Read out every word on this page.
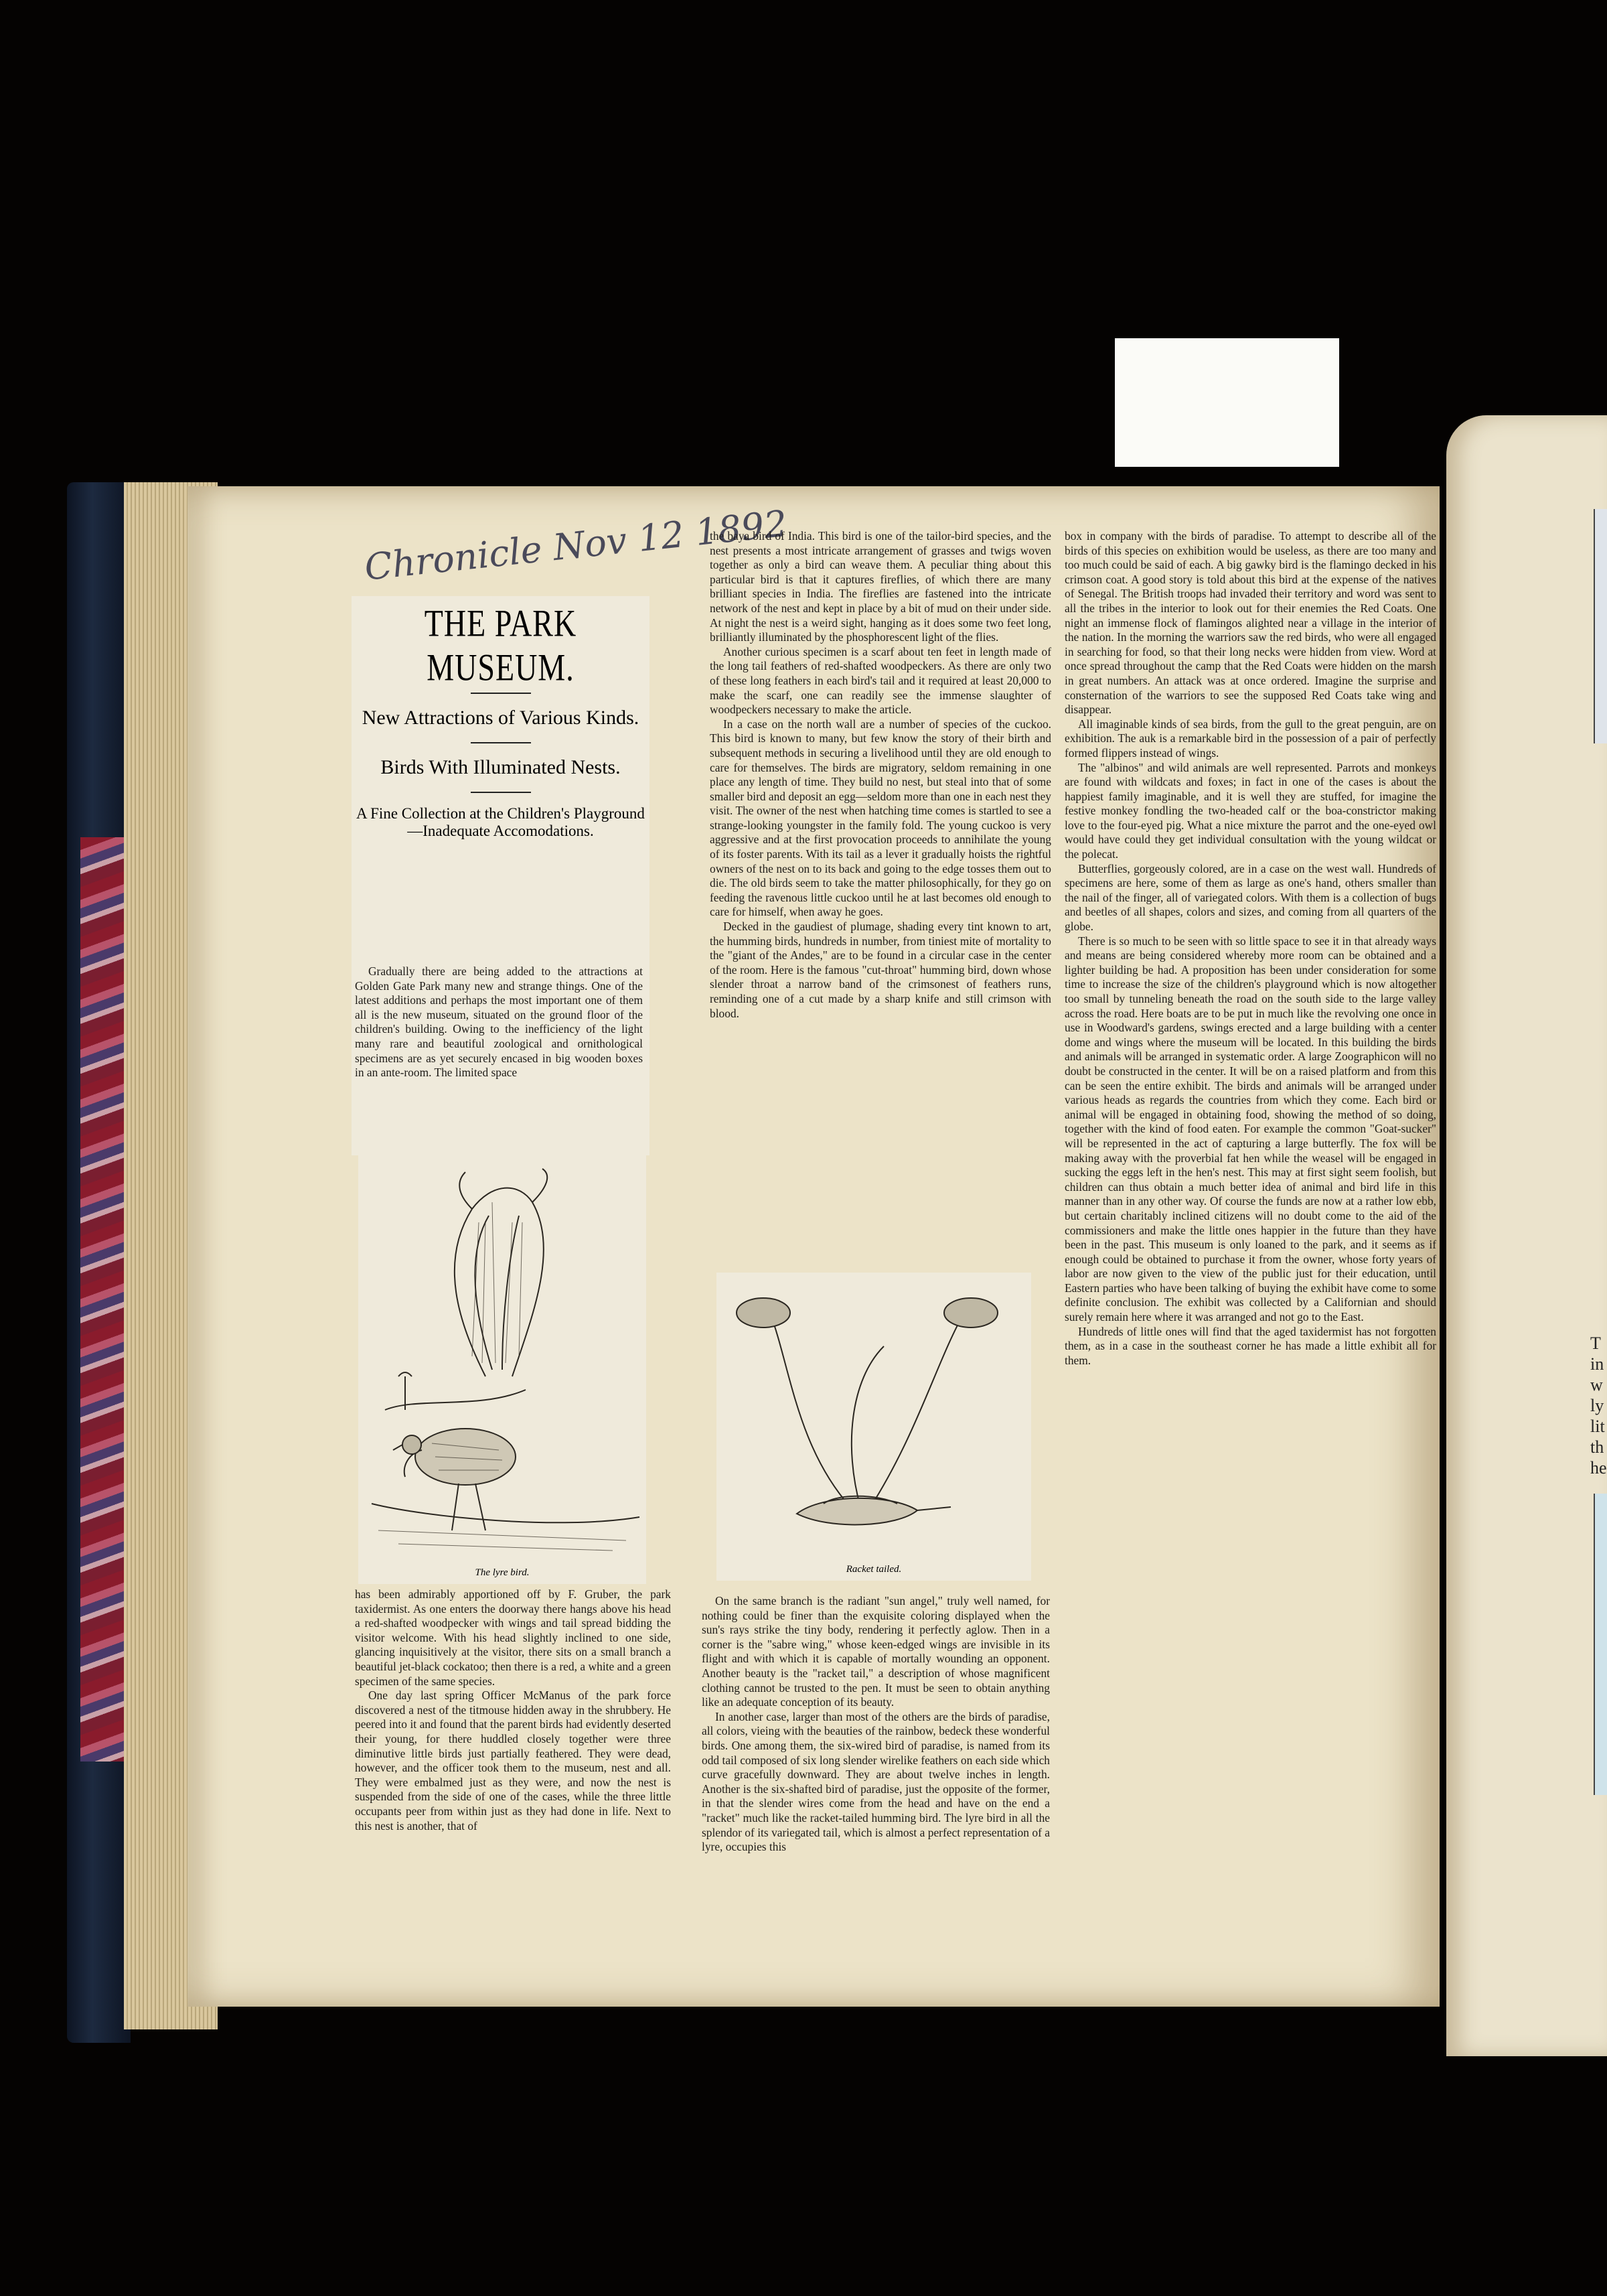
T
in
w
ly
lit
th
he
Chronicle Nov 12 1892
THE PARK MUSEUM.
New Attractions of Various Kinds.
Birds With Illuminated Nests.
A Fine Collection at the Children's Playground—Inadequate Accomodations.

Gradually there are being added to the attractions at Golden Gate Park many new and strange things. One of the latest additions and perhaps the most important one of them all is the new museum, situated on the ground floor of the children's building. Owing to the inefficiency of the light many rare and beautiful zoological and ornithological specimens are as yet securely encased in big wooden boxes in an ante-room. The limited space

The lyre bird.

has been admirably apportioned off by F. Gruber, the park taxidermist. As one enters the doorway there hangs above his head a red-shafted woodpecker with wings and tail spread bidding the visitor welcome. With his head slightly inclined to one side, glancing inquisitively at the visitor, there sits on a small branch a beautiful jet-black cockatoo; then there is a red, a white and a green specimen of the same species.

One day last spring Officer McManus of the park force discovered a nest of the titmouse hidden away in the shrubbery. He peered into it and found that the parent birds had evidently deserted their young, for there huddled closely together were three diminutive little birds just partially feathered. They were dead, however, and the officer took them to the museum, nest and all. They were embalmed just as they were, and now the nest is suspended from the side of one of the cases, while the three little occupants peer from within just as they had done in life. Next to this nest is another, that of

the baya bird of India. This bird is one of the tailor-bird species, and the nest presents a most intricate arrangement of grasses and twigs woven together as only a bird can weave them. A peculiar thing about this particular bird is that it captures fireflies, of which there are many brilliant species in India. The fireflies are fastened into the intricate network of the nest and kept in place by a bit of mud on their under side. At night the nest is a weird sight, hanging as it does some two feet long, brilliantly illuminated by the phosphorescent light of the flies.

Another curious specimen is a scarf about ten feet in length made of the long tail feathers of red-shafted woodpeckers. As there are only two of these long feathers in each bird's tail and it required at least 20,000 to make the scarf, one can readily see the immense slaughter of woodpeckers necessary to make the article.

In a case on the north wall are a number of species of the cuckoo. This bird is known to many, but few know the story of their birth and subsequent methods in securing a livelihood until they are old enough to care for themselves. The birds are migratory, seldom remaining in one place any length of time. They build no nest, but steal into that of some smaller bird and deposit an egg—seldom more than one in each nest they visit. The owner of the nest when hatching time comes is startled to see a strange-looking youngster in the family fold. The young cuckoo is very aggressive and at the first provocation proceeds to annihilate the young of its foster parents. With its tail as a lever it gradually hoists the rightful owners of the nest on to its back and going to the edge tosses them out to die. The old birds seem to take the matter philosophically, for they go on feeding the ravenous little cuckoo until he at last becomes old enough to care for himself, when away he goes.

Decked in the gaudiest of plumage, shading every tint known to art, the humming birds, hundreds in number, from tiniest mite of mortality to the "giant of the Andes," are to be found in a circular case in the center of the room. Here is the famous "cut-throat" humming bird, down whose slender throat a narrow band of the crimsonest of feathers runs, reminding one of a cut made by a sharp knife and still crimson with blood.

Racket tailed.

On the same branch is the radiant "sun angel," truly well named, for nothing could be finer than the exquisite coloring displayed when the sun's rays strike the tiny body, rendering it perfectly aglow. Then in a corner is the "sabre wing," whose keen-edged wings are invisible in its flight and with which it is capable of mortally wounding an opponent. Another beauty is the "racket tail," a description of whose magnificent clothing cannot be trusted to the pen. It must be seen to obtain anything like an adequate conception of its beauty.

In another case, larger than most of the others are the birds of paradise, all colors, vieing with the beauties of the rainbow, bedeck these wonderful birds. One among them, the six-wired bird of paradise, is named from its odd tail composed of six long slender wirelike feathers on each side which curve gracefully downward. They are about twelve inches in length. Another is the six-shafted bird of paradise, just the opposite of the former, in that the slender wires come from the head and have on the end a "racket" much like the racket-tailed humming bird. The lyre bird in all the splendor of its variegated tail, which is almost a perfect representation of a lyre, occupies this

box in company with the birds of paradise. To attempt to describe all of the birds of this species on exhibition would be useless, as there are too many and too much could be said of each. A big gawky bird is the flamingo decked in his crimson coat. A good story is told about this bird at the expense of the natives of Senegal. The British troops had invaded their territory and word was sent to all the tribes in the interior to look out for their enemies the Red Coats. One night an immense flock of flamingos alighted near a village in the interior of the nation. In the morning the warriors saw the red birds, who were all engaged in searching for food, so that their long necks were hidden from view. Word at once spread throughout the camp that the Red Coats were hidden on the marsh in great numbers. An attack was at once ordered. Imagine the surprise and consternation of the warriors to see the supposed Red Coats take wing and disappear.

All imaginable kinds of sea birds, from the gull to the great penguin, are on exhibition. The auk is a remarkable bird in the possession of a pair of perfectly formed flippers instead of wings.

The "albinos" and wild animals are well represented. Parrots and monkeys are found with wildcats and foxes; in fact in one of the cases is about the happiest family imaginable, and it is well they are stuffed, for imagine the festive monkey fondling the two-headed calf or the boa-constrictor making love to the four-eyed pig. What a nice mixture the parrot and the one-eyed owl would have could they get individual consultation with the young wildcat or the polecat.

Butterflies, gorgeously colored, are in a case on the west wall. Hundreds of specimens are here, some of them as large as one's hand, others smaller than the nail of the finger, all of variegated colors. With them is a collection of bugs and beetles of all shapes, colors and sizes, and coming from all quarters of the globe.

There is so much to be seen with so little space to see it in that already ways and means are being considered whereby more room can be obtained and a lighter building be had. A proposition has been under consideration for some time to increase the size of the children's playground which is now altogether too small by tunneling beneath the road on the south side to the large valley across the road. Here boats are to be put in much like the revolving one once in use in Woodward's gardens, swings erected and a large building with a center dome and wings where the museum will be located. In this building the birds and animals will be arranged in systematic order. A large Zoographicon will no doubt be constructed in the center. It will be on a raised platform and from this can be seen the entire exhibit. The birds and animals will be arranged under various heads as regards the countries from which they come. Each bird or animal will be engaged in obtaining food, showing the method of so doing, together with the kind of food eaten. For example the common "Goat-sucker" will be represented in the act of capturing a large butterfly. The fox will be making away with the proverbial fat hen while the weasel will be engaged in sucking the eggs left in the hen's nest. This may at first sight seem foolish, but children can thus obtain a much better idea of animal and bird life in this manner than in any other way. Of course the funds are now at a rather low ebb, but certain charitably inclined citizens will no doubt come to the aid of the commissioners and make the little ones happier in the future than they have been in the past. This museum is only loaned to the park, and it seems as if enough could be obtained to purchase it from the owner, whose forty years of labor are now given to the view of the public just for their education, until Eastern parties who have been talking of buying the exhibit have come to some definite conclusion. The exhibit was collected by a Californian and should surely remain here where it was arranged and not go to the East.

Hundreds of little ones will find that the aged taxidermist has not forgotten them, as in a case in the southeast corner he has made a little exhibit all for them.
